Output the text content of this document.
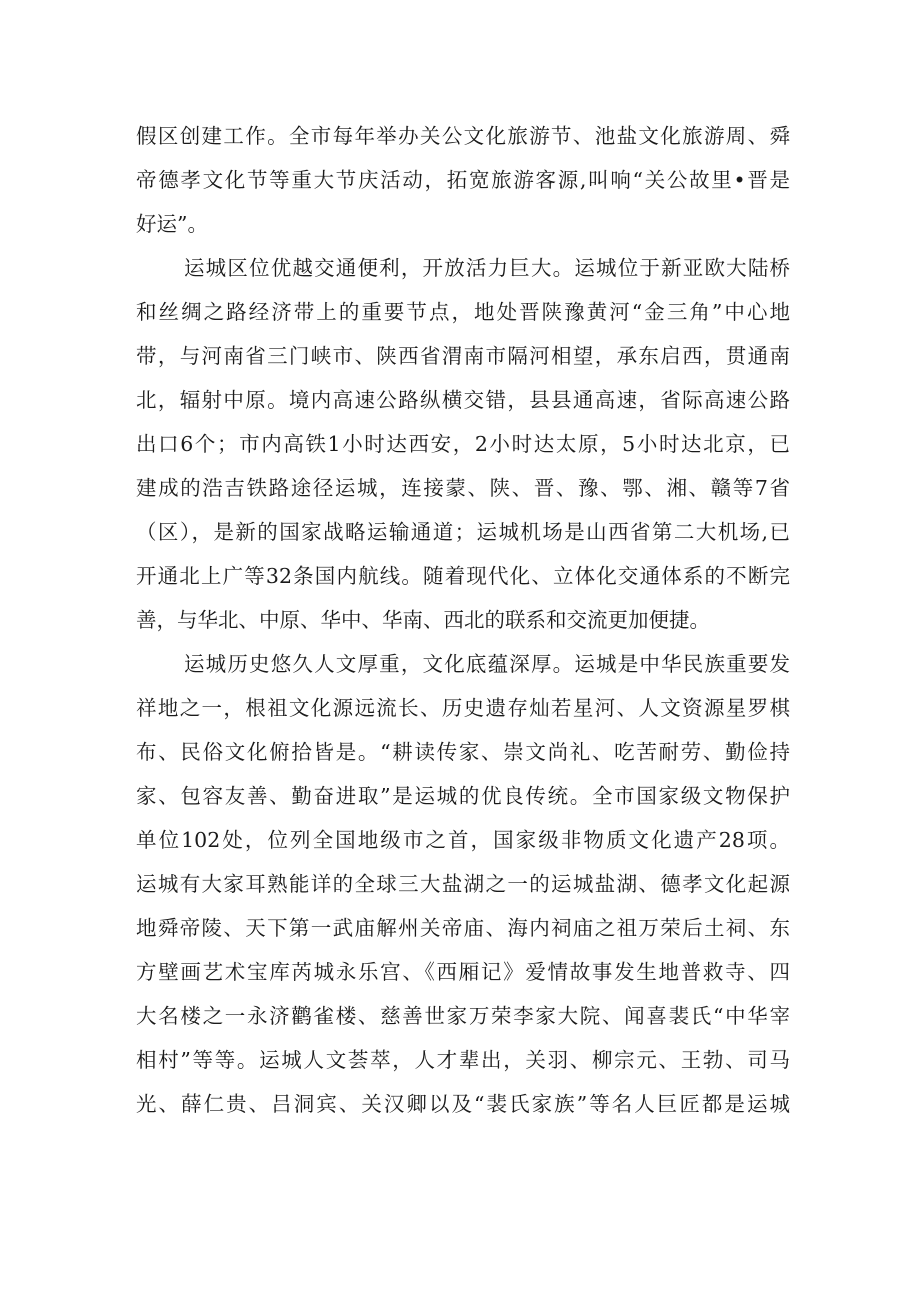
假区创建工作。全市每年举办关公文化旅游节、池盐文化旅游周、舜
帝德孝文化节等重大节庆活动，拓宽旅游客源,叫响“关公故里•晋是
好运”。
运城区位优越交通便利，开放活力巨大。运城位于新亚欧大陆桥
和丝绸之路经济带上的重要节点，地处晋陕豫黄河“金三角”中心地
带，与河南省三门峡市、陕西省渭南市隔河相望，承东启西，贯通南
北，辐射中原。境内高速公路纵横交错，县县通高速，省际高速公路
出口6个；市内高铁1小时达西安，2小时达太原，5小时达北京，已
建成的浩吉铁路途径运城，连接蒙、陕、晋、豫、鄂、湘、赣等7省
（区），是新的国家战略运输通道；运城机场是山西省第二大机场,已
开通北上广等32条国内航线。随着现代化、立体化交通体系的不断完
善，与华北、中原、华中、华南、西北的联系和交流更加便捷。
运城历史悠久人文厚重，文化底蕴深厚。运城是中华民族重要发
祥地之一，根祖文化源远流长、历史遗存灿若星河、人文资源星罗棋
布、民俗文化俯拾皆是。“耕读传家、崇文尚礼、吃苦耐劳、勤俭持
家、包容友善、勤奋进取”是运城的优良传统。全市国家级文物保护
单位102处，位列全国地级市之首，国家级非物质文化遗产28项。
运城有大家耳熟能详的全球三大盐湖之一的运城盐湖、德孝文化起源
地舜帝陵、天下第一武庙解州关帝庙、海内祠庙之祖万荣后土祠、东
方壁画艺术宝库芮城永乐宫、《西厢记》爱情故事发生地普救寺、四
大名楼之一永济鹳雀楼、慈善世家万荣李家大院、闻喜裴氏“中华宰
相村”等等。运城人文荟萃，人才辈出，关羽、柳宗元、王勃、司马
光、薛仁贵、吕洞宾、关汉卿以及“裴氏家族”等名人巨匠都是运城
